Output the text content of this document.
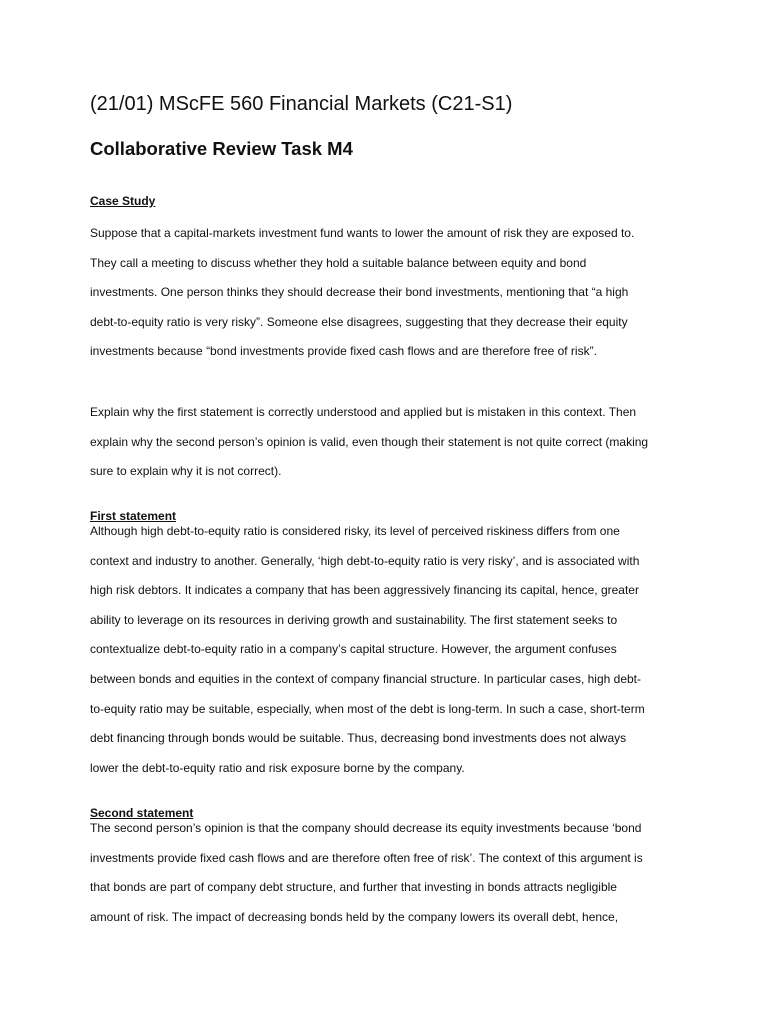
(21/01) MScFE 560 Financial Markets (C21-S1)
Collaborative Review Task M4
Case Study
Suppose that a capital-markets investment fund wants to lower the amount of risk they are exposed to.
They call a meeting to discuss whether they hold a suitable balance between equity and bond
investments. One person thinks they should decrease their bond investments, mentioning that “a high
debt-to-equity ratio is very risky”. Someone else disagrees, suggesting that they decrease their equity
investments because “bond investments provide fixed cash flows and are therefore free of risk”.
Explain why the first statement is correctly understood and applied but is mistaken in this context. Then
explain why the second person’s opinion is valid, even though their statement is not quite correct (making
sure to explain why it is not correct).
First statement
Although high debt-to-equity ratio is considered risky, its level of perceived riskiness differs from one
context and industry to another. Generally, ‘high debt-to-equity ratio is very risky’, and is associated with
high risk debtors. It indicates a company that has been aggressively financing its capital, hence, greater
ability to leverage on its resources in deriving growth and sustainability. The first statement seeks to
contextualize debt-to-equity ratio in a company’s capital structure. However, the argument confuses
between bonds and equities in the context of company financial structure. In particular cases, high debt-
to-equity ratio may be suitable, especially, when most of the debt is long-term. In such a case, short-term
debt financing through bonds would be suitable. Thus, decreasing bond investments does not always
lower the debt-to-equity ratio and risk exposure borne by the company.
Second statement
The second person’s opinion is that the company should decrease its equity investments because ‘bond
investments provide fixed cash flows and are therefore often free of risk’. The context of this argument is
that bonds are part of company debt structure, and further that investing in bonds attracts negligible
amount of risk. The impact of decreasing bonds held by the company lowers its overall debt, hence,
